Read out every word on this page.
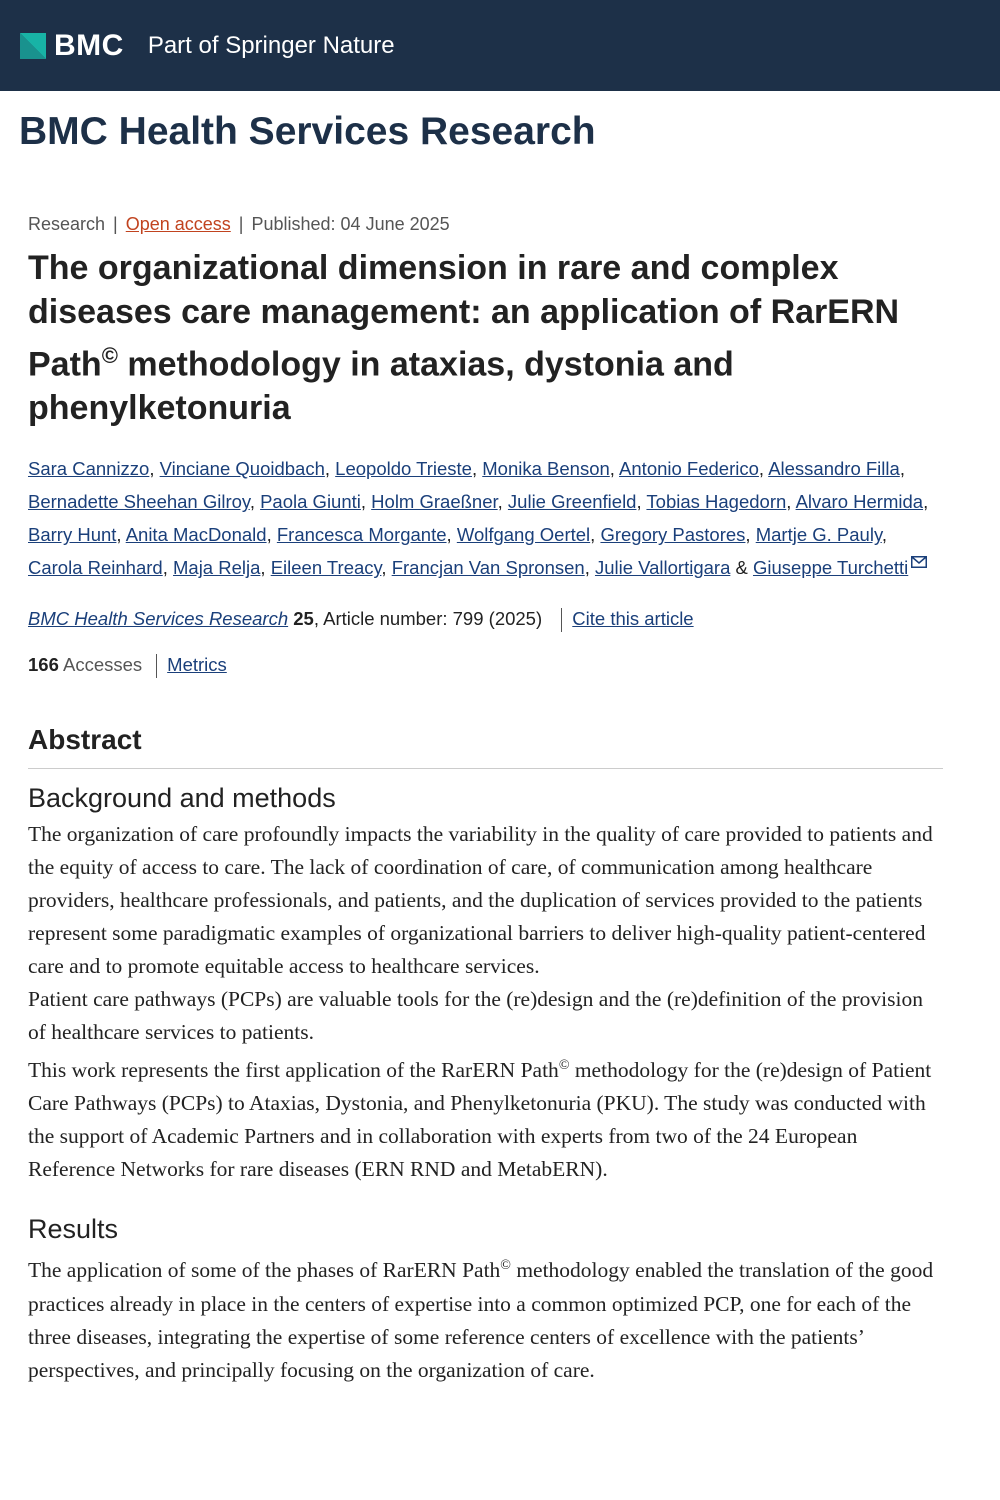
BMC Part of Springer Nature
BMC Health Services Research
Research | Open access | Published: 04 June 2025
The organizational dimension in rare and complex diseases care management: an application of RarERN Path© methodology in ataxias, dystonia and phenylketonuria
Sara Cannizzo, Vinciane Quoidbach, Leopoldo Trieste, Monika Benson, Antonio Federico, Alessandro Filla, Bernadette Sheehan Gilroy, Paola Giunti, Holm Graeßner, Julie Greenfield, Tobias Hagedorn, Alvaro Hermida, Barry Hunt, Anita MacDonald, Francesca Morgante, Wolfgang Oertel, Gregory Pastores, Martje G. Pauly, Carola Reinhard, Maja Relja, Eileen Treacy, Francjan Van Spronsen, Julie Vallortigara & Giuseppe Turchetti
BMC Health Services Research 25, Article number: 799 (2025) Cite this article
166 Accesses Metrics
Abstract
Background and methods

The organization of care profoundly impacts the variability in the quality of care provided to patients and the equity of access to care. The lack of coordination of care, of communication among healthcare providers, healthcare professionals, and patients, and the duplication of services provided to the patients represent some paradigmatic examples of organizational barriers to deliver high-quality patient-centered care and to promote equitable access to healthcare services.

Patient care pathways (PCPs) are valuable tools for the (re)design and the (re)definition of the provision of healthcare services to patients.

This work represents the first application of the RarERN Path© methodology for the (re)design of Patient Care Pathways (PCPs) to Ataxias, Dystonia, and Phenylketonuria (PKU). The study was conducted with the support of Academic Partners and in collaboration with experts from two of the 24 European Reference Networks for rare diseases (ERN RND and MetabERN).

Results

The application of some of the phases of RarERN Path© methodology enabled the translation of the good practices already in place in the centers of expertise into a common optimized PCP, one for each of the three diseases, integrating the expertise of some reference centers of excellence with the patients’ perspectives, and principally focusing on the organization of care.
